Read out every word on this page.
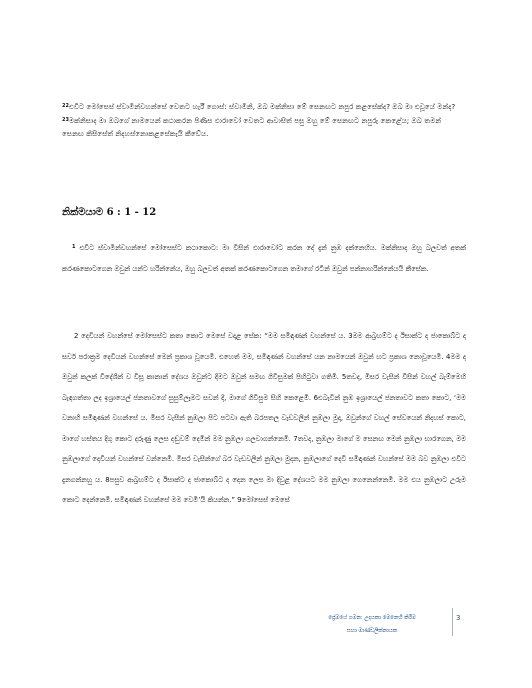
$^{22}$එවිට මෝසෙස් ස්වාමීන්වහන්සේ වෙතට හැරී ගොස්: ස්වාමීනි, ඔබ මක්නිසා මේ සෙනඟට නපුර කළසේක්ද? ඔබ මා එවූයේ මන්ද?
$^{23}$මක්නිසාද මා ඔබගේ නාමයෙන් කථාකරන පිණිස ඵාරාවෝ වෙතට ආවාසිත් පසු ඔහු මේ සෙනඟට නපුරු කෙළේය; ඔබ තමන් සෙනඟ කිසිසේත් නිදහස්නොකළසේකැයි කීවේය.

නික්මයාම 6 : 1 - 12

$^1$ එවිට ස්වාමීන්වහන්සේ මෝසෙස්ට කථාකොට: මා විසින් ඵාරාවෝට කරන දේ දැන් නුඹ දක්නෙහිය. මක්නිසාද ඔහු බලවත් අතක් කරණකොටගෙන ඔවුන් යන්ට හරින්නේය, ඔහු බලවත් අතක් කරණකොටගෙන තමාගේ රටින් ඔවුන් පන්නාහරින්නේයයි කීසේක.

2 දෙවියන් වහන්සේ මෝසෙස්ට කතා කොට මෙසේ වදාළ සේක: “මම සමිඳාණන් වහන්සේ ය. 3මම ආබ්‍රහම්ට ද ඊසාක්ට ද ජාකොබ්ට ද සර්ව පරාක්‍රම දෙවියන් වහන්සේ මෙන් ප්‍රකාශ වූයෙමි. එහෙත් මම, සමිඳාණන් වහන්සේ යන නාමයෙන් ඔවුන් හට ප්‍රකාශ නොවූයෙමි. 4මම ද ඔවුන් කලක් විදේශීන් ව විසූ කානාන් දේශය ඔවුන්ට දීමට ඔවුන් සමඟ ගිවිසුමක් පිහිටුවා ගතිමි. 5තවද, මිසර වැසීන් විසින් වහල් බැම්මෙහි බැඳගත්තා ලද ඉශ්‍රායෙල් ජනතාවගේ සුසුම්ලෑමට සවන් දී, මාගේ ගිවිසුම සිහි කෙළෙමි. 6එබැවින් නුඹ ඉශ්‍රායෙල් ජනතාවට කතා කොට, ‘මම වනාහි සමිඳාණන් වහන්සේ ය. මිසර වැසීන් නුඹලා පිට පටවා ඇති බරපතල වැඩවලින් නුඹලා මුදා, ඔවුන්ගේ වහල් සේවයෙන් නිදහස් කොට, මාගේ හස්තය දිගු කොට දරුණු ලෙස දඬුවම් දෙමින් මම නුඹලා ගලවාගන්නෙමි. 7තවද, නුඹලා මාගේ ම සෙනඟ මෙන් නුඹලා භාරගෙන, මම නුඹලාගේ දෙවියන් වහන්සේ වන්නෙමි. මිසර වැසීන්ගේ බර වැඩවලින් නුඹලා මුදන, නුඹලාගේ දෙවි සමිඳාණන් වහන්සේ මම බව නුඹලා එවිට දැනගන්නහු ය. 8පසුව ආබ්‍රහම්ට ද ඊසාක්ට ද ජාකොබ්ට ද දෙන ලෙස මා දිවුළ දේශයට මම නුඹලා ගෙනෙන්නෙමි. මම එය නුඹලාට උරුම කොට දෙන්නෙමි. සමිඳාණන් වහන්සේ මම වෙමි’යි කියන්න.” 9මෝසෙස් මෙසේ

ප්‍රේමයේ ගමන: උදයකා මෙනෙහි කිරීම
සහා මාණ්ඩලික්නායක
3
